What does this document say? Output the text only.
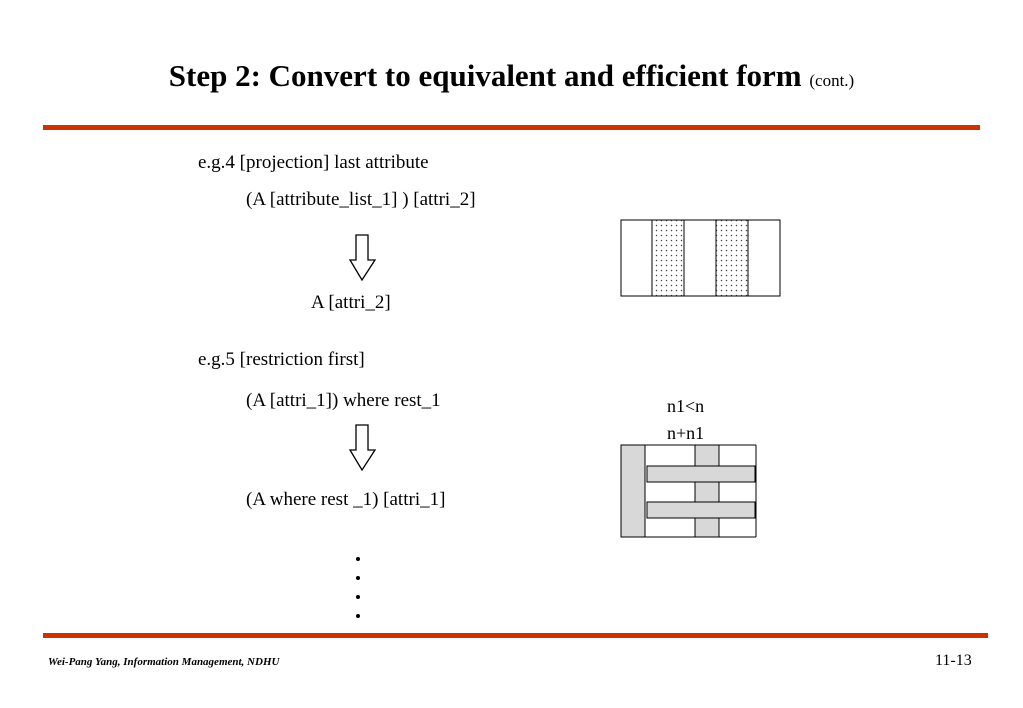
Step 2: Convert to equivalent and efficient form (cont.)
e.g.4 [projection] last attribute
(A [attribute_list_1] ) [attri_2]
A [attri_2]
e.g.5 [restriction first]
(A [attri_1]) where rest_1
(A where rest _1) [attri_1]
n1<n
n+n1
Wei-Pang Yang, Information Management, NDHU	11-13
